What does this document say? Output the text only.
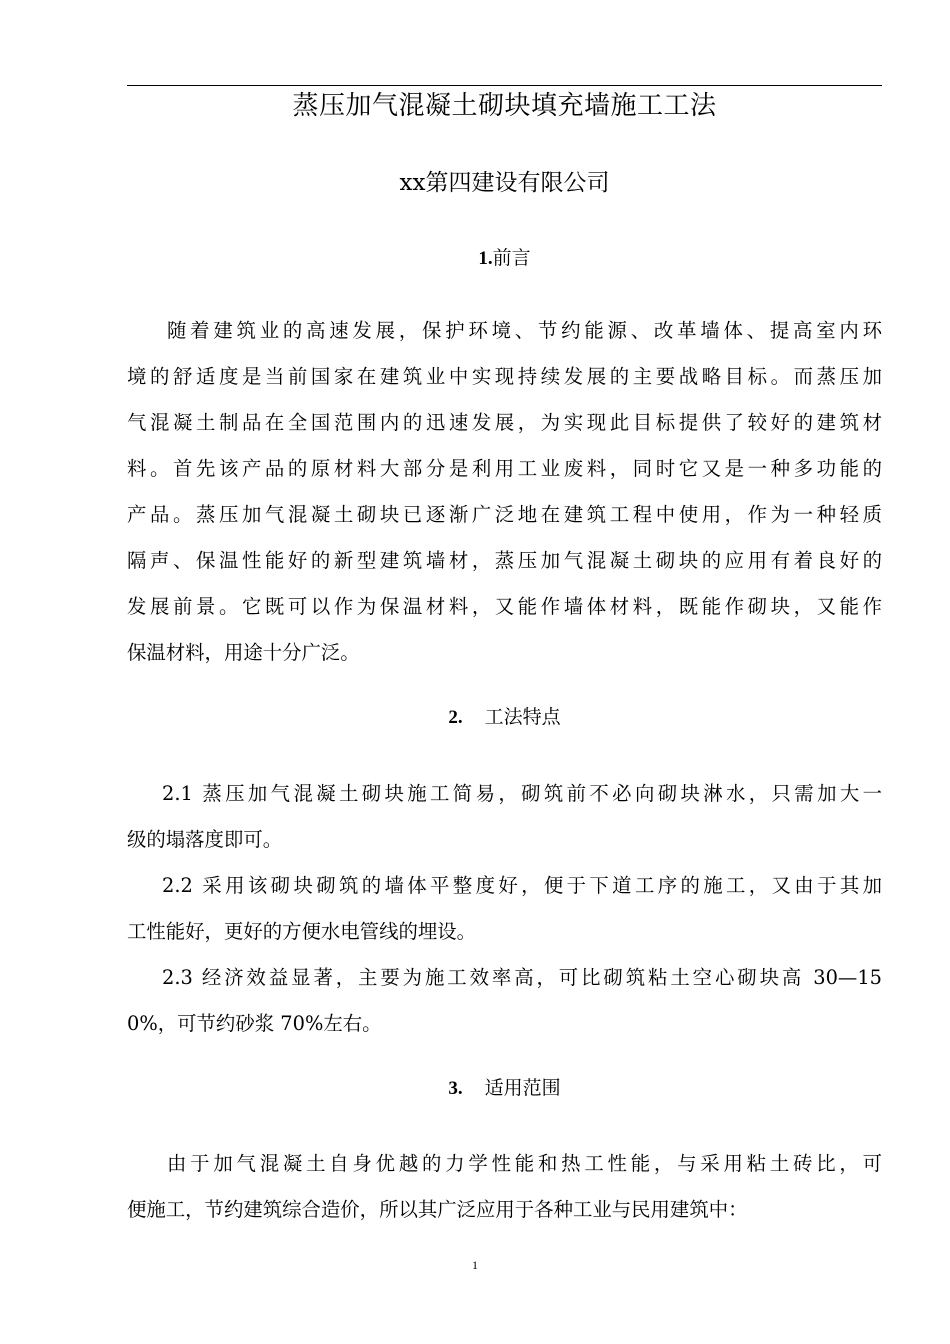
蒸压加气混凝土砌块填充墙施工工法
xx第四建设有限公司
1.前言
随着建筑业的高速发展，保护环境、节约能源、改革墙体、提高室内环
境的舒适度是当前国家在建筑业中实现持续发展的主要战略目标。而蒸压加
气混凝土制品在全国范围内的迅速发展，为实现此目标提供了较好的建筑材
料。首先该产品的原材料大部分是利用工业废料，同时它又是一种多功能的
产品。蒸压加气混凝土砌块已逐渐广泛地在建筑工程中使用，作为一种轻质
隔声、保温性能好的新型建筑墙材，蒸压加气混凝土砌块的应用有着良好的
发展前景。它既可以作为保温材料，又能作墙体材料，既能作砌块，又能作
保温材料，用途十分广泛。
2. 工法特点
2.1 蒸压加气混凝土砌块施工简易，砌筑前不必向砌块淋水，只需加大一
级的塌落度即可。
2.2 采用该砌块砌筑的墙体平整度好，便于下道工序的施工，又由于其加
工性能好，更好的方便水电管线的埋设。
2.3 经济效益显著，主要为施工效率高，可比砌筑粘土空心砌块高 30—15
0%，可节约砂浆 70%左右。
3. 适用范围
由于加气混凝土自身优越的力学性能和热工性能，与采用粘土砖比，可
便施工，节约建筑综合造价，所以其广泛应用于各种工业与民用建筑中：
1
